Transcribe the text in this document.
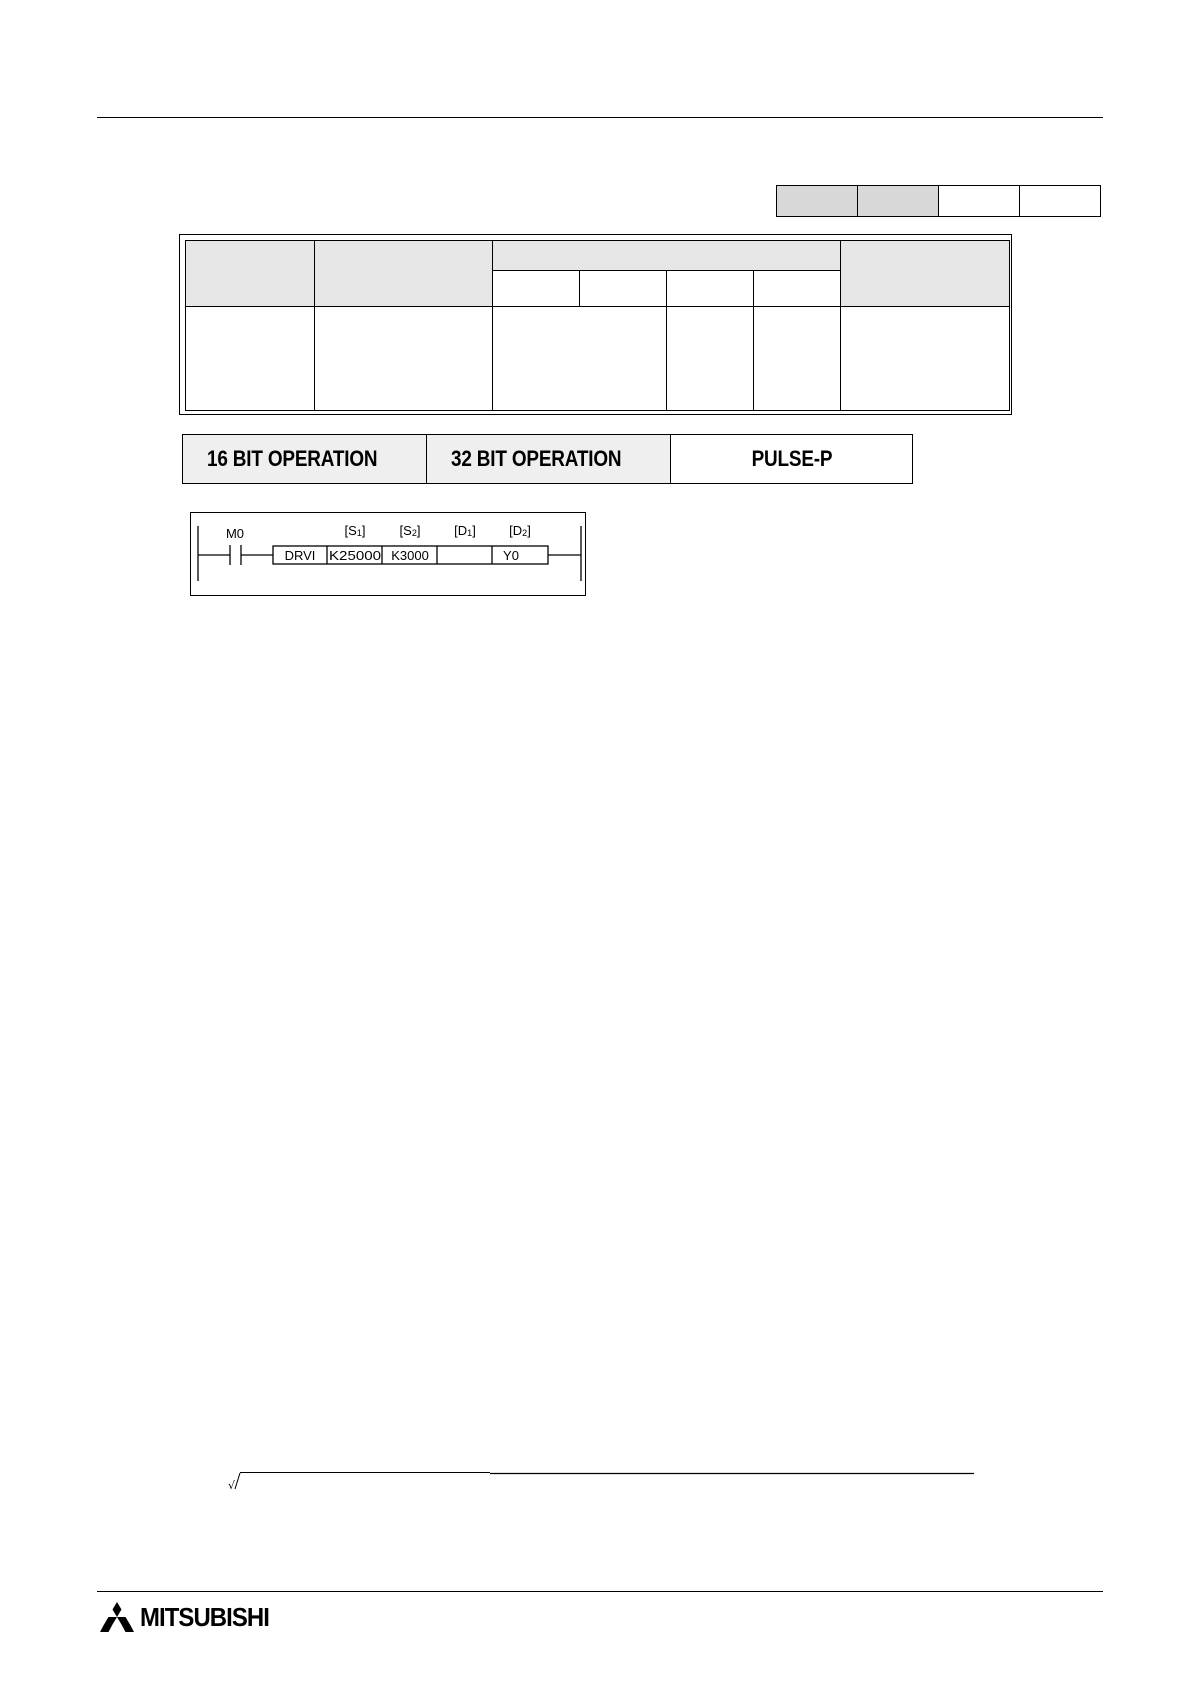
16 BIT OPERATION	32 BIT OPERATION	PULSE-P
M0
DRVI K25000 K3000	Y0
[S1]	[S2]	[D1]	[D2]
√
MITSUBISHI
